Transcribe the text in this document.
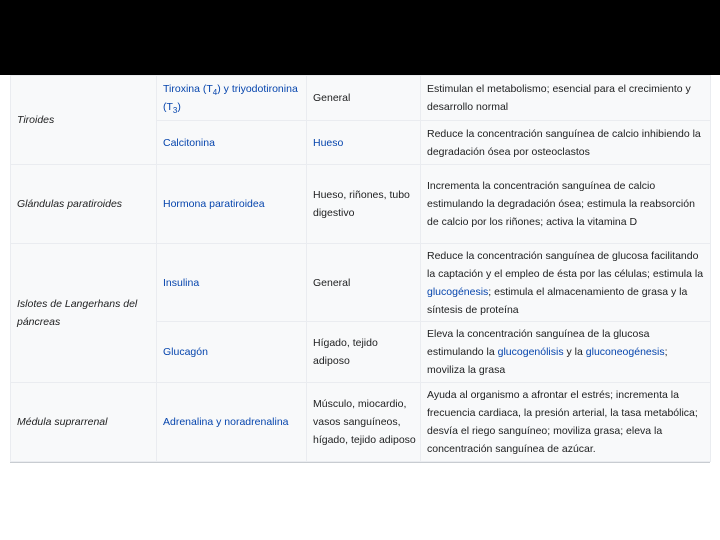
Tiroides	Tiroxina $(T_4)$ y triyodotironina $(T_3)$	General	Estimulan el metabolismo; esencial para el crecimiento y desarrollo normal
	Calcitonina	Hueso	Reduce la concentración sanguínea de calcio inhibiendo la degradación ósea por osteoclastos
Glándulas paratiroides	Hormona paratiroidea	Hueso, riñones, tubo digestivo	Incrementa la concentración sanguínea de calcio estimulando la degradación ósea; estimula la reabsorción de calcio por los riñones; activa la vitamina D
Islotes de Langerhans del páncreas	Insulina	General	Reduce la concentración sanguínea de glucosa facilitando la captación y el empleo de ésta por las células; estimula la glucogénesis; estimula el almacenamiento de grasa y la síntesis de proteína
	Glucagón	Hígado, tejido adiposo	Eleva la concentración sanguínea de la glucosa estimulando la glucogenólisis y la gluconeogénesis; moviliza la grasa
Médula suprarrenal	Adrenalina y noradrenalina	Músculo, miocardio, vasos sanguíneos, hígado, tejido adiposo	Ayuda al organismo a afrontar el estrés; incrementa la frecuencia cardiaca, la presión arterial, la tasa metabólica; desvía el riego sanguíneo; moviliza grasa; eleva la concentración sanguínea de azúcar.
